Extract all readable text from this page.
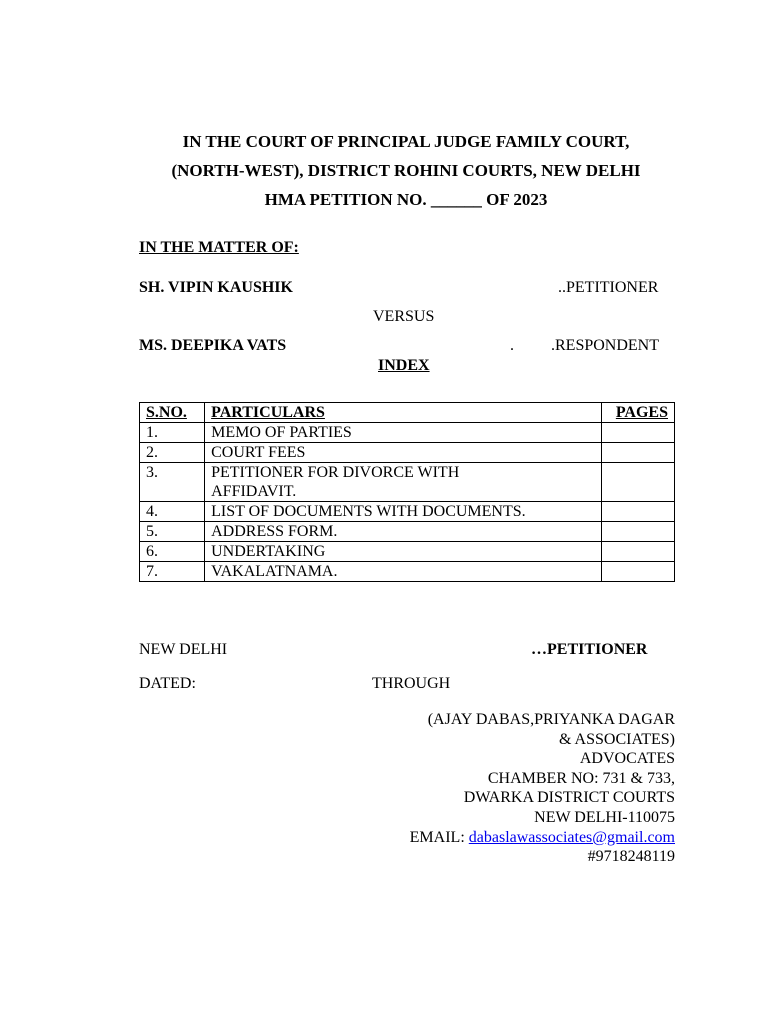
IN THE COURT OF PRINCIPAL JUDGE FAMILY COURT,
(NORTH-WEST), DISTRICT ROHINI COURTS, NEW DELHI
HMA PETITION NO. ______ OF 2023
IN THE MATTER OF:
SH. VIPIN KAUSHIK	..PETITIONER
VERSUS
MS. DEEPIKA VATS	. .RESPONDENT
INDEX
S.NO.	PARTICULARS	PAGES
1.	MEMO OF PARTIES	
2.	COURT FEES	
3.	PETITIONER FOR DIVORCE WITH
AFFIDAVIT.	

4.	LIST OF DOCUMENTS WITH DOCUMENTS.	
5.	ADDRESS FORM.	
6.	UNDERTAKING	
7.	VAKALATNAMA.	
NEW DELHI	…PETITIONER
DATED:	THROUGH
(AJAY DABAS,PRIYANKA DAGAR
& ASSOCIATES)
ADVOCATES
CHAMBER NO: 731 & 733,
DWARKA DISTRICT COURTS
NEW DELHI-110075
EMAIL: dabaslawassociates@gmail.com
#9718248119
